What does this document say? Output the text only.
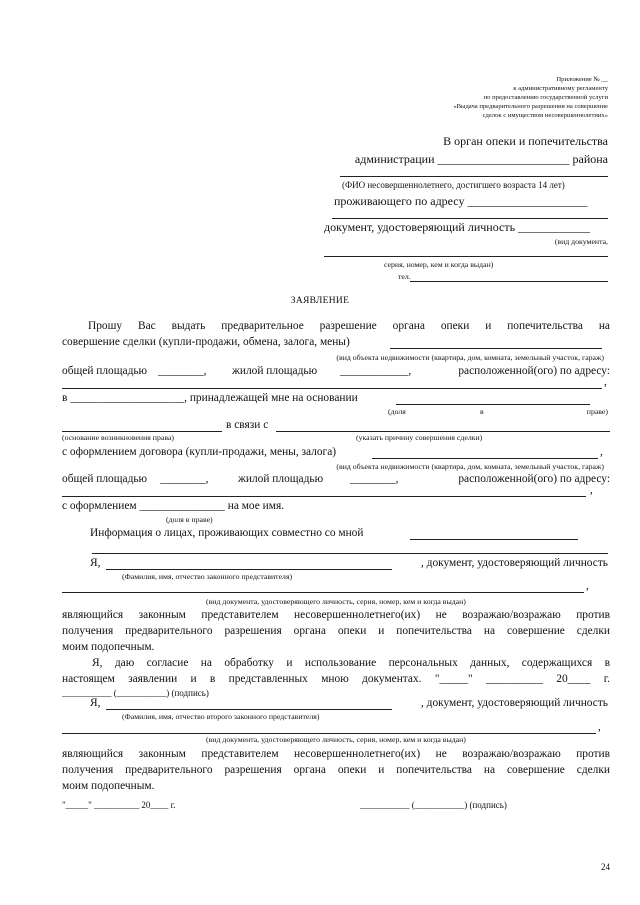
Приложение № __
к административному регламенту
по предоставлению государственной услуги
«Выдача предварительного разрешения на совершение
сделок с имуществом несовершеннолетних»
В орган опеки и попечительства
администрации ______________________ района
(ФИО несовершеннолетнего, достигшего возраста 14 лет)
проживающего по адресу ____________________
документ, удостоверяющий личность ____________
(вид документа,
серия, номер, кем и когда выдан)
тел.
ЗАЯВЛЕНИЕ
Прошу Вас выдать предварительное разрешение органа опеки и попечительства на
совершение сделки (купли-продажи, обмена, залога, мены)
(вид объекта недвижимости (квартира, дом, комната, земельный участок, гараж)
общей площадью ________, жилой площадью ____________,	расположенной(ого) по адресу:
,
в ____________________, принадлежащей мне на основании
(доля	в	праве)
в связи с
(основание возникновения права)	(указать причину совершения сделки)
с оформлением договора (купли-продажи, мены, залога)	,
(вид объекта недвижимости (квартира, дом, комната, земельный участок, гараж)
общей площадью ________,	жилой площадью ________,	расположенной(ого) по адресу:
,
с оформлением _______________ на мое имя.
(доля в праве)
Информация о лицах, проживающих совместно со мной
Я,	, документ, удостоверяющий личность
(Фамилия, имя, отчество законного представителя)
,
(вид документа, удостоверяющего личность, серия, номер, кем и когда выдан)
являющийся законным представителем несовершеннолетнего(их) не возражаю/возражаю против
получения предварительного разрешения органа опеки и попечительства на совершение сделки
моим подопечным.
Я, даю согласие на обработку и использование персональных данных, содержащихся в
настоящем заявлении и в представленных мною документах. "_____" __________ 20____ г.
___________ (___________) (подпись)
Я,	, документ, удостоверяющий личность
(Фамилия, имя, отчество второго законного представителя)
,
(вид документа, удостоверяющего личность, серия, номер, кем и когда выдан)
являющийся законным представителем несовершеннолетнего(их) не возражаю/возражаю против
получения предварительного разрешения органа опеки и попечительства на совершение сделки
моим подопечным.
"_____" __________ 20____ г.	___________ (___________) (подпись)
24
